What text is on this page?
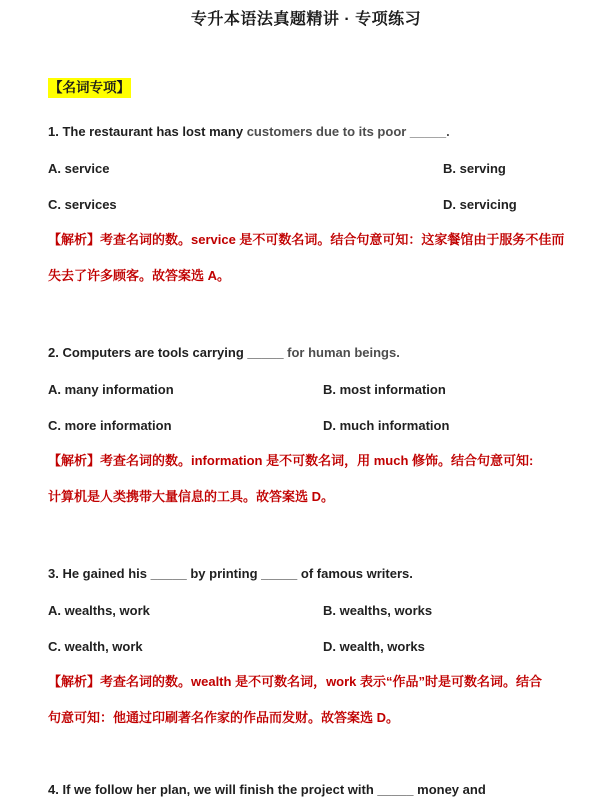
专升本语法真题精讲 · 专项练习
【名词专项】

1. The restaurant has lost many customers due to its poor _____.

A. service	B. serving
C. services	D. servicing

【解析】考查名词的数。service 是不可数名词。结合句意可知：这家餐馆由于服务不佳而

失去了许多顾客。故答案选 A。

2. Computers are tools carrying _____ for human beings.

A. many information	B. most information
C. more information	D. much information

【解析】考查名词的数。information 是不可数名词，用 much 修饰。结合句意可知:

计算机是人类携带大量信息的工具。故答案选 D。

3. He gained his _____ by printing _____ of famous writers.

A. wealths, work	B. wealths, works
C. wealth, work	D. wealth, works

【解析】考查名词的数。wealth 是不可数名词，work 表示“作品”时是可数名词。结合

句意可知：他通过印刷著名作家的作品而发财。故答案选 D。

4. If we follow her plan, we will finish the project with _____ money and
